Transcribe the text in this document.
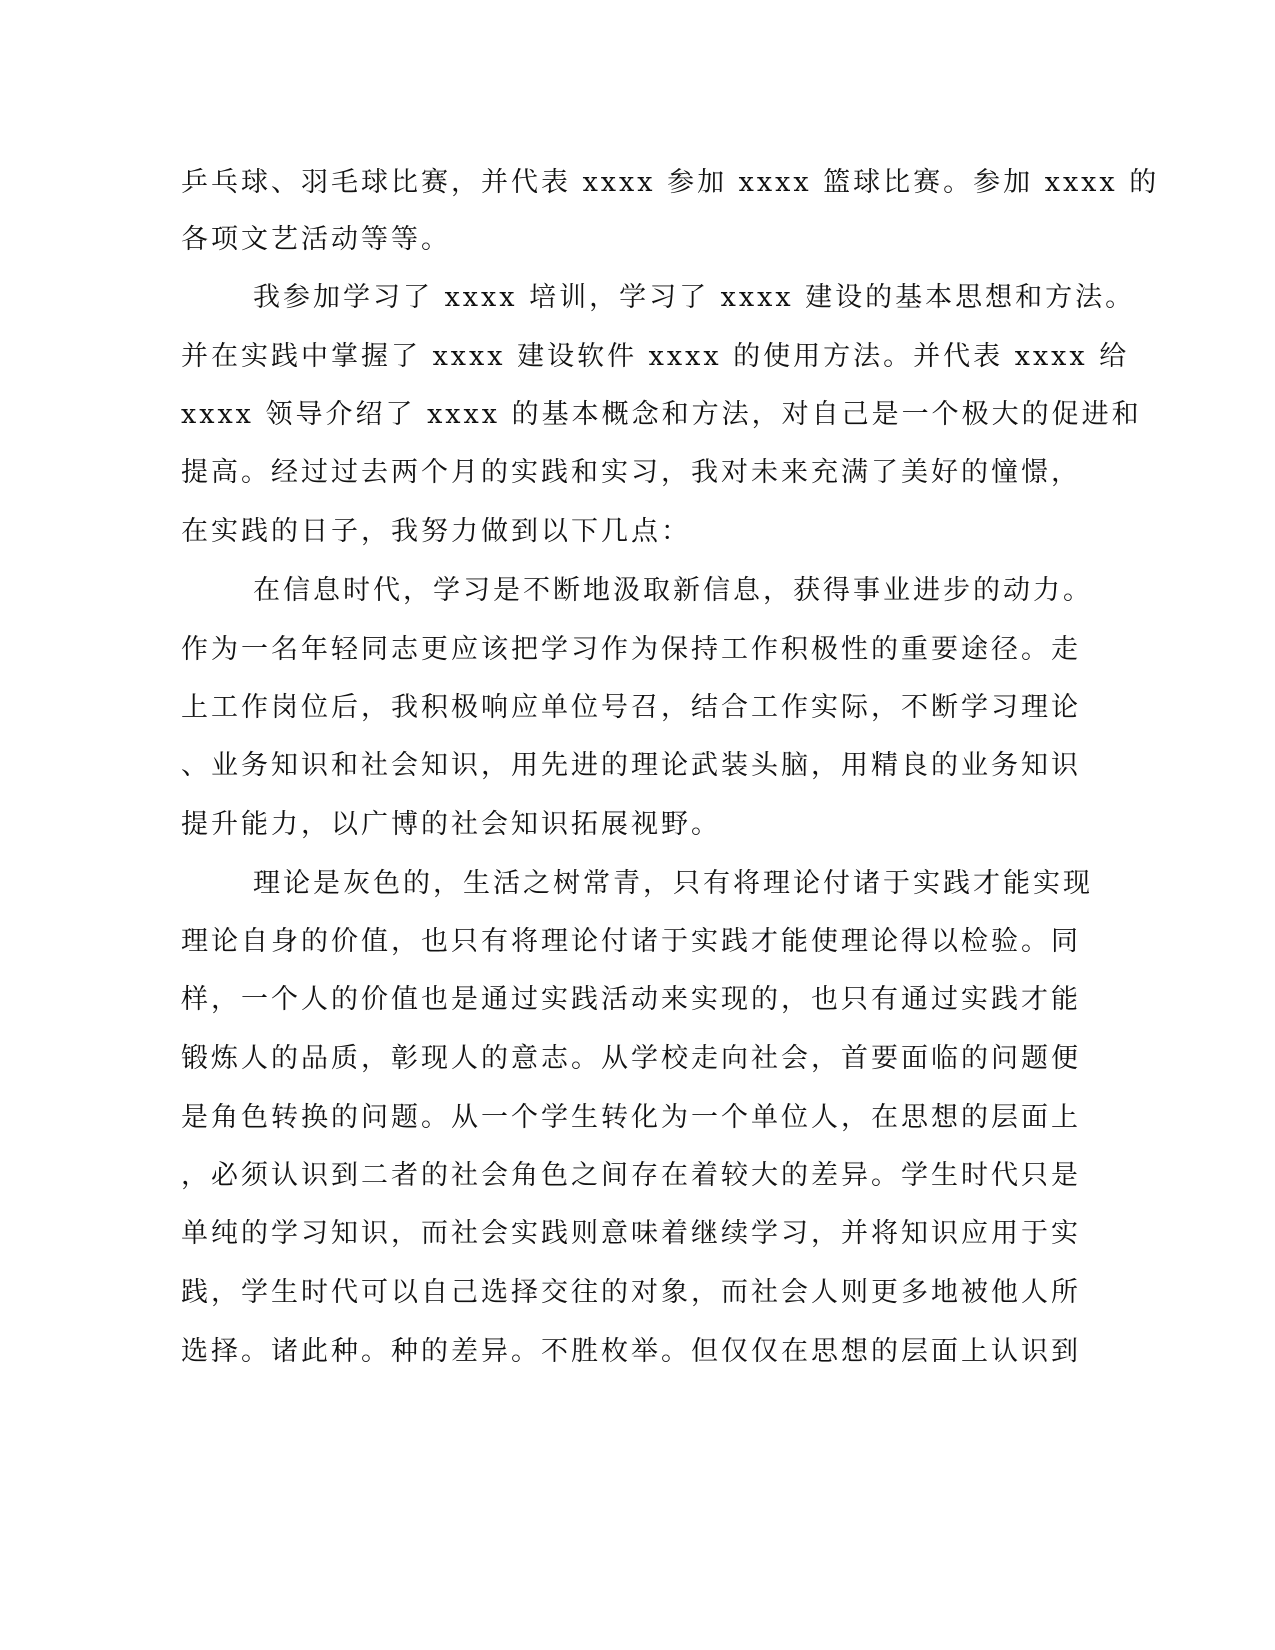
乒乓球、羽毛球比赛，并代表 xxxx 参加 xxxx 篮球比赛。参加 xxxx 的
各项文艺活动等等。
我参加学习了 xxxx 培训，学习了 xxxx 建设的基本思想和方法。
并在实践中掌握了 xxxx 建设软件 xxxx 的使用方法。并代表 xxxx 给
xxxx 领导介绍了 xxxx 的基本概念和方法，对自己是一个极大的促进和
提高。经过过去两个月的实践和实习，我对未来充满了美好的憧憬，
在实践的日子，我努力做到以下几点：
在信息时代，学习是不断地汲取新信息，获得事业进步的动力。
作为一名年轻同志更应该把学习作为保持工作积极性的重要途径。走
上工作岗位后，我积极响应单位号召，结合工作实际，不断学习理论
、业务知识和社会知识，用先进的理论武装头脑，用精良的业务知识
提升能力，以广博的社会知识拓展视野。
理论是灰色的，生活之树常青，只有将理论付诸于实践才能实现
理论自身的价值，也只有将理论付诸于实践才能使理论得以检验。同
样，一个人的价值也是通过实践活动来实现的，也只有通过实践才能
锻炼人的品质，彰现人的意志。从学校走向社会，首要面临的问题便
是角色转换的问题。从一个学生转化为一个单位人，在思想的层面上
，必须认识到二者的社会角色之间存在着较大的差异。学生时代只是
单纯的学习知识，而社会实践则意味着继续学习，并将知识应用于实
践，学生时代可以自己选择交往的对象，而社会人则更多地被他人所
选择。诸此种。种的差异。不胜枚举。但仅仅在思想的层面上认识到
